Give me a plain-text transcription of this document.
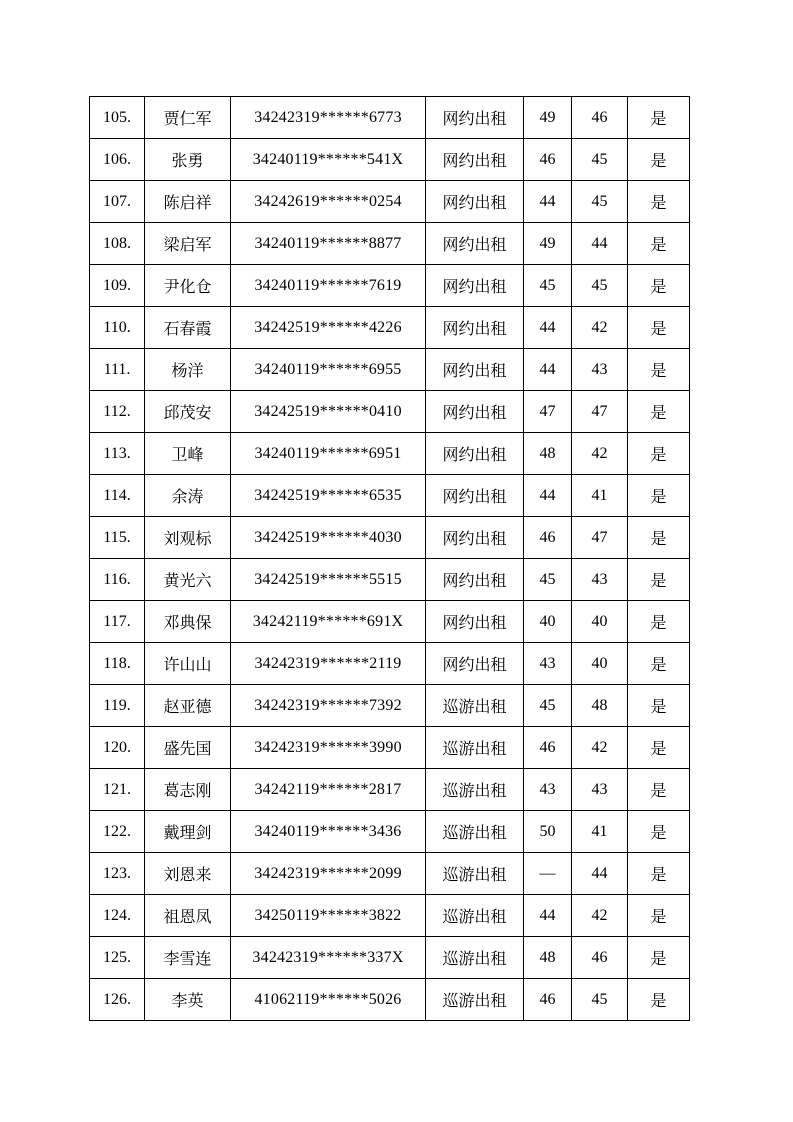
105.	贾仁军	34242319******6773	网约出租	49	46	是
106.	张勇	34240119******541X	网约出租	46	45	是
107.	陈启祥	34242619******0254	网约出租	44	45	是
108.	梁启军	34240119******8877	网约出租	49	44	是
109.	尹化仓	34240119******7619	网约出租	45	45	是
110.	石春霞	34242519******4226	网约出租	44	42	是
111.	杨洋	34240119******6955	网约出租	44	43	是
112.	邱茂安	34242519******0410	网约出租	47	47	是
113.	卫峰	34240119******6951	网约出租	48	42	是
114.	余涛	34242519******6535	网约出租	44	41	是
115.	刘观标	34242519******4030	网约出租	46	47	是
116.	黄光六	34242519******5515	网约出租	45	43	是
117.	邓典保	34242119******691X	网约出租	40	40	是
118.	许山山	34242319******2119	网约出租	43	40	是
119.	赵亚德	34242319******7392	巡游出租	45	48	是
120.	盛先国	34242319******3990	巡游出租	46	42	是
121.	葛志刚	34242119******2817	巡游出租	43	43	是
122.	戴理剑	34240119******3436	巡游出租	50	41	是
123.	刘恩来	34242319******2099	巡游出租	—	44	是
124.	祖恩凤	34250119******3822	巡游出租	44	42	是
125.	李雪连	34242319******337X	巡游出租	48	46	是
126.	李英	41062119******5026	巡游出租	46	45	是
